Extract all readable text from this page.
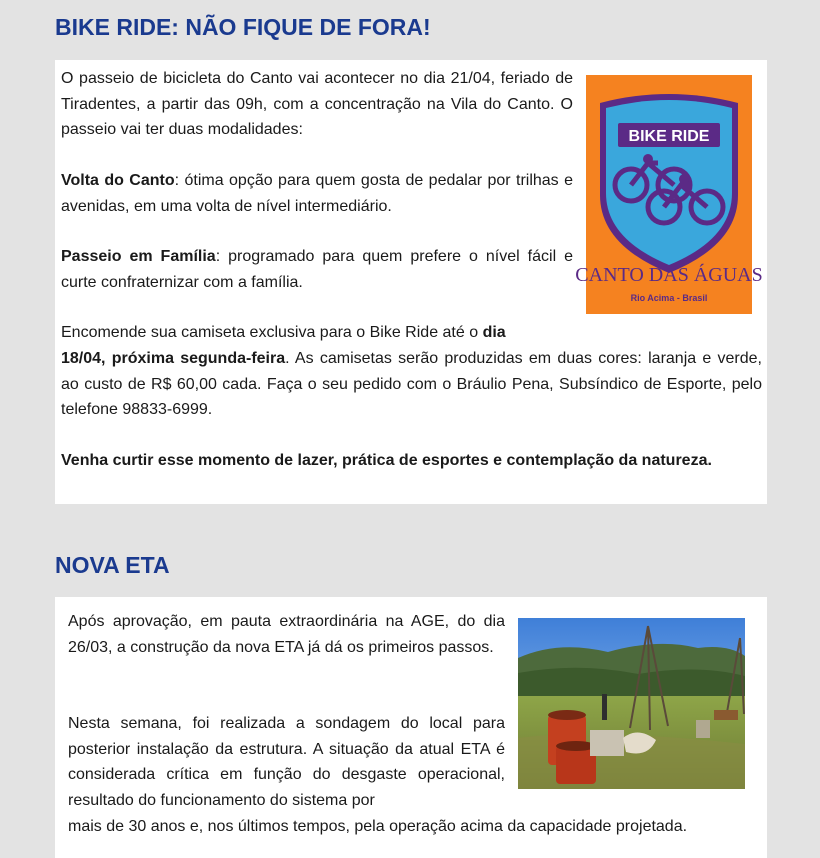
BIKE RIDE: NÃO FIQUE DE FORA!

O passeio de bicicleta do Canto vai acontecer no dia 21/04, feriado de Tiradentes, a partir das 09h, com a concentração na Vila do Canto. O passeio vai ter duas modalidades:

Volta do Canto: ótima opção para quem gosta de pedalar por trilhas e avenidas, em uma volta de nível intermediário.

Passeio em Família: programado para quem prefere o nível fácil e curte confraternizar com a família.

Encomende sua camiseta exclusiva para o Bike Ride até o dia

18/04, próxima segunda-feira. As camisetas serão produzidas em duas cores: laranja e verde, ao custo de R$ 60,00 cada. Faça o seu pedido com o Bráulio Pena, Subsíndico de Esporte, pelo telefone 98833-6999.

Venha curtir esse momento de lazer, prática de esportes e contemplação da natureza.

BIKE RIDE
CANTO DAS ÁGUAS
Rio Acima - Brasil
NOVA ETA

Após aprovação, em pauta extraordinária na AGE, do dia 26/03, a construção da nova ETA já dá os primeiros passos.

Nesta semana, foi realizada a sondagem do local para posterior instalação da estrutura. A situação da atual ETA é considerada crítica em função do desgaste operacional, resultado do funcionamento do sistema por

mais de 30 anos e, nos últimos tempos, pela operação acima da capacidade projetada.
